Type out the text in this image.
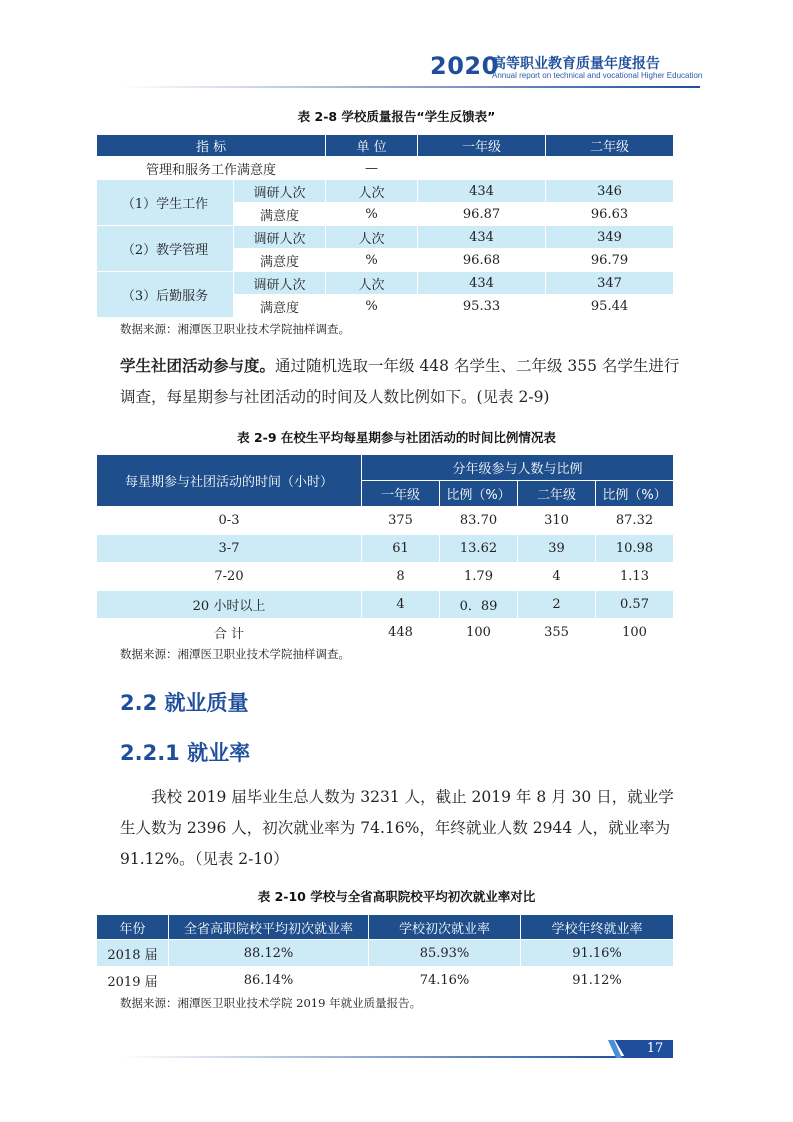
2020
高等职业教育质量年度报告
Annual report on technical and vocational Higher Education
表 2-8 学校质量报告“学生反馈表”
指 标		单 位	一年级	二年级
管理和服务工作满意度		—		
（1）学生工作	调研人次	人次	434	346
	满意度	%	96.87	96.63
（2）教学管理	调研人次	人次	434	349
	满意度	%	96.68	96.79
（3）后勤服务	调研人次	人次	434	347
	满意度	%	95.33	95.44
数据来源：湘潭医卫职业技术学院抽样调查。
学生社团活动参与度。通过随机选取一年级 448 名学生、二年级 355 名学生进行调查，每星期参与社团活动的时间及人数比例如下。(见表 2-9)
表 2-9 在校生平均每星期参与社团活动的时间比例情况表
每星期参与社团活动的时间（小时）	分年级参与人数与比例			
	一年级	比例（%）	二年级	比例（%）
0-3	375	83.70	310	87.32
3-7	61	13.62	39	10.98
7-20	8	1.79	4	1.13
20 小时以上	4	0．89	2	0.57
合 计	448	100	355	100
数据来源：湘潭医卫职业技术学院抽样调查。
2.2 就业质量
2.2.1 就业率
我校 2019 届毕业生总人数为 3231 人，截止 2019 年 8 月 30 日，就业学生人数为 2396 人，初次就业率为 74.16%，年终就业人数 2944 人，就业率为 91.12%。（见表 2-10）
表 2-10 学校与全省高职院校平均初次就业率对比
年份	全省高职院校平均初次就业率	学校初次就业率	学校年终就业率
2018 届	88.12%	85.93%	91.16%
2019 届	86.14%	74.16%	91.12%
数据来源：湘潭医卫职业技术学院 2019 年就业质量报告。
17
